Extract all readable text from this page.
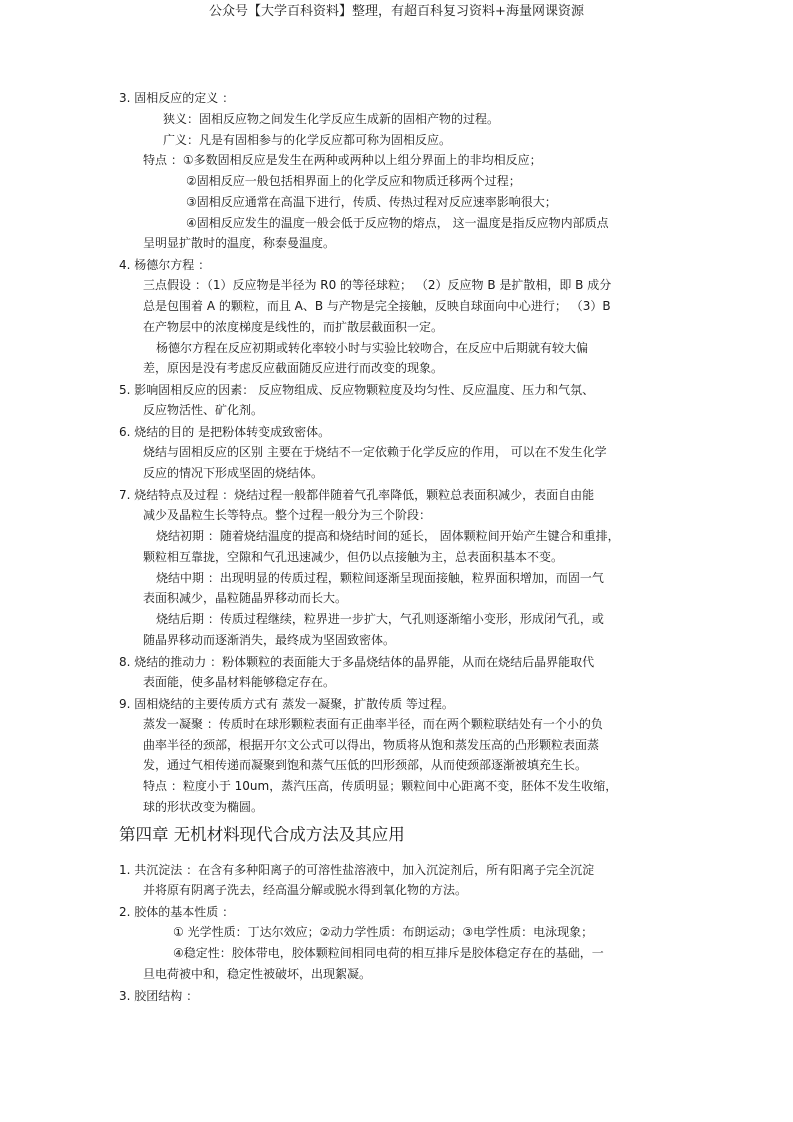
公众号【大学百科资料】整理，有超百科复习资料+海量网课资源
3. 固相反应的定义 ：
狭义：固相反应物之间发生化学反应生成新的固相产物的过程。
广义：凡是有固相参与的化学反应都可称为固相反应。
特点 ：①多数固相反应是发生在两种或两种以上组分界面上的非均相反应；
②固相反应一般包括相界面上的化学反应和物质迁移两个过程；
③固相反应通常在高温下进行，传质、传热过程对反应速率影响很大；
④固相反应发生的温度一般会低于反应物的熔点， 这一温度是指反应物内部质点
呈明显扩散时的温度，称泰曼温度。
4. 杨德尔方程 ：
三点假设 ：（1）反应物是半径为 R0 的等径球粒； （2）反应物 B 是扩散相，即 B 成分
总是包围着 A 的颗粒，而且 A、B 与产物是完全接触，反映自球面向中心进行； （3）B
在产物层中的浓度梯度是线性的，而扩散层截面积一定。
杨德尔方程在反应初期或转化率较小时与实验比较吻合，在反应中后期就有较大偏
差，原因是没有考虑反应截面随反应进行而改变的现象。
5. 影响固相反应的因素： 反应物组成、反应物颗粒度及均匀性、反应温度、压力和气氛、
反应物活性、矿化剂。
6. 烧结的目的 是把粉体转变成致密体。
烧结与固相反应的区别 主要在于烧结不一定依赖于化学反应的作用， 可以在不发生化学
反应的情况下形成坚固的烧结体。
7. 烧结特点及过程 ：烧结过程一般都伴随着气孔率降低，颗粒总表面积减少，表面自由能
减少及晶粒生长等特点。整个过程一般分为三个阶段：
烧结初期 ：随着烧结温度的提高和烧结时间的延长， 固体颗粒间开始产生键合和重排，
颗粒相互靠拢，空隙和气孔迅速减少，但仍以点接触为主，总表面积基本不变。
烧结中期 ：出现明显的传质过程，颗粒间逐渐呈现面接触，粒界面积增加，而固一气
表面积减少，晶粒随晶界移动而长大。
烧结后期 ：传质过程继续，粒界进一步扩大，气孔则逐渐缩小变形，形成闭气孔，或
随晶界移动而逐渐消失，最终成为坚固致密体。
8. 烧结的推动力 ：粉体颗粒的表面能大于多晶烧结体的晶界能，从而在烧结后晶界能取代
表面能，使多晶材料能够稳定存在。
9. 固相烧结的主要传质方式有 蒸发一凝聚，扩散传质 等过程。
蒸发一凝聚 ：传质时在球形颗粒表面有正曲率半径，而在两个颗粒联结处有一个小的负
曲率半径的颈部，根据开尔文公式可以得出，物质将从饱和蒸发压高的凸形颗粒表面蒸
发，通过气相传递而凝聚到饱和蒸气压低的凹形颈部，从而使颈部逐渐被填充生长。
特点 ：粒度小于 10um，蒸汽压高，传质明显；颗粒间中心距离不变，胚体不发生收缩，
球的形状改变为椭圆。
第四章 无机材料现代合成方法及其应用
1. 共沉淀法 ：在含有多种阳离子的可溶性盐溶液中，加入沉淀剂后，所有阳离子完全沉淀
并将原有阴离子洗去，经高温分解或脱水得到氧化物的方法。
2. 胶体的基本性质 ：
① 光学性质：丁达尔效应；②动力学性质：布朗运动；③电学性质：电泳现象；
④稳定性：胶体带电，胶体颗粒间相同电荷的相互排斥是胶体稳定存在的基础，一
旦电荷被中和，稳定性被破坏，出现絮凝。
3. 胶团结构 ：
